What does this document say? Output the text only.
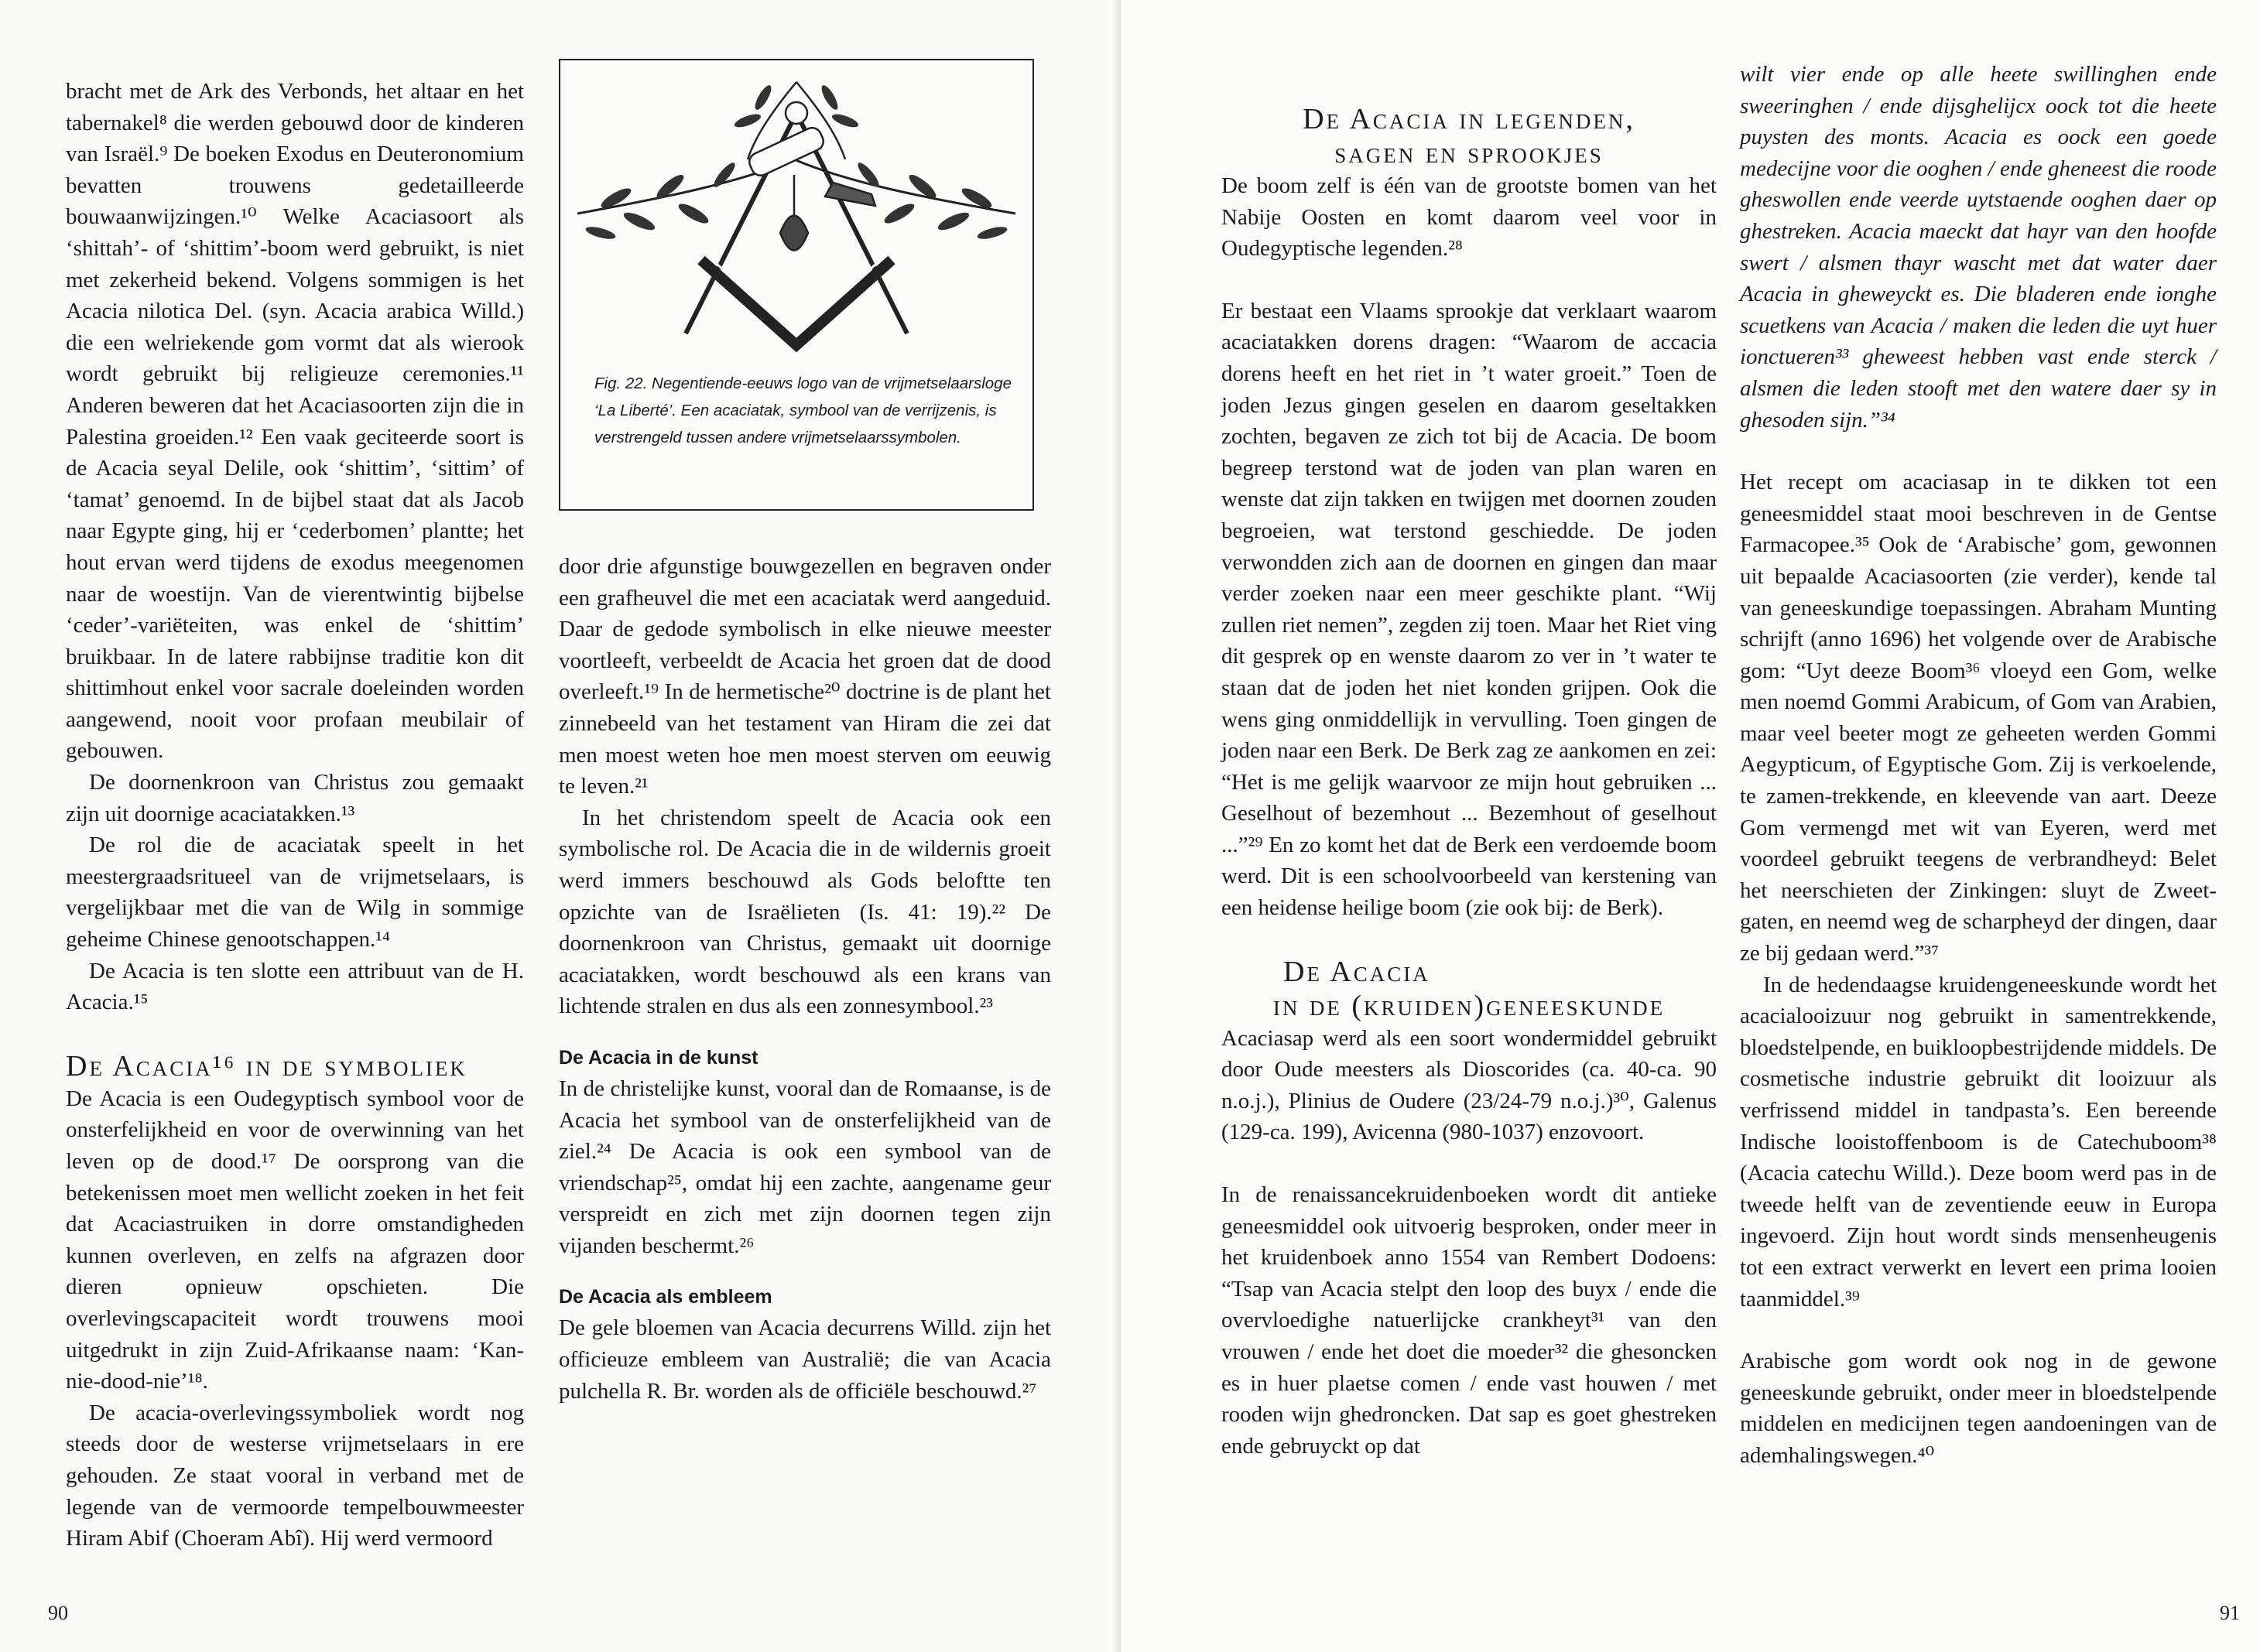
bracht met de Ark des Verbonds, het altaar en het tabernakel⁸ die werden gebouwd door de kinderen van Israël.⁹ De boeken Exodus en Deuteronomium bevatten trouwens gedetailleerde bouwaanwijzingen.¹⁰ Welke Acaciasoort als ‘shittah’- of ‘shittim’-boom werd gebruikt, is niet met zekerheid bekend. Volgens sommigen is het Acacia nilotica Del. (syn. Acacia arabica Willd.) die een welriekende gom vormt dat als wierook wordt gebruikt bij religieuze ceremonies.¹¹ Anderen beweren dat het Acaciasoorten zijn die in Palestina groeiden.¹² Een vaak geciteerde soort is de Acacia seyal Delile, ook ‘shittim’, ‘sittim’ of ‘tamat’ genoemd. In de bijbel staat dat als Jacob naar Egypte ging, hij er ‘cederbomen’ plantte; het hout ervan werd tijdens de exodus meegenomen naar de woestijn. Van de vierentwintig bijbelse ‘ceder’-variëteiten, was enkel de ‘shittim’ bruikbaar. In de latere rabbijnse traditie kon dit shittimhout enkel voor sacrale doeleinden worden aangewend, nooit voor profaan meubilair of gebouwen.

De doornenkroon van Christus zou gemaakt zijn uit doornige acaciatakken.¹³

De rol die de acaciatak speelt in het meestergraadsritueel van de vrijmetselaars, is vergelijkbaar met die van de Wilg in sommige geheime Chinese genootschappen.¹⁴

De Acacia is ten slotte een attribuut van de H. Acacia.¹⁵

De Acacia¹⁶ in de symboliek

De Acacia is een Oudegyptisch symbool voor de onsterfelijkheid en voor de overwinning van het leven op de dood.¹⁷ De oorsprong van die betekenissen moet men wellicht zoeken in het feit dat Acaciastruiken in dorre omstandigheden kunnen overleven, en zelfs na afgrazen door dieren opnieuw opschieten. Die overlevingscapaciteit wordt trouwens mooi uitgedrukt in zijn Zuid-Afrikaanse naam: ‘Kan-nie-dood-nie’¹⁸.

De acacia-overlevingssymboliek wordt nog steeds door de westerse vrijmetselaars in ere gehouden. Ze staat vooral in verband met de legende van de vermoorde tempelbouwmeester Hiram Abif (Choeram Abî). Hij werd vermoord

Fig. 22. Negentiende-eeuws logo van de vrijmetselaarsloge ‘La Liberté’. Een acaciatak, symbool van de verrijzenis, is verstrengeld tussen andere vrijmetselaarssymbolen.

door drie afgunstige bouwgezellen en begraven onder een grafheuvel die met een acaciatak werd aangeduid. Daar de gedode symbolisch in elke nieuwe meester voortleeft, verbeeldt de Acacia het groen dat de dood overleeft.¹⁹ In de hermetische²⁰ doctrine is de plant het zinnebeeld van het testament van Hiram die zei dat men moest weten hoe men moest sterven om eeuwig te leven.²¹

In het christendom speelt de Acacia ook een symbolische rol. De Acacia die in de wildernis groeit werd immers beschouwd als Gods beloftte ten opzichte van de Israëlieten (Is. 41: 19).²² De doornenkroon van Christus, gemaakt uit doornige acaciatakken, wordt beschouwd als een krans van lichtende stralen en dus als een zonnesymbool.²³

De Acacia in de kunst

In de christelijke kunst, vooral dan de Romaanse, is de Acacia het symbool van de onsterfelijkheid van de ziel.²⁴ De Acacia is ook een symbool van de vriendschap²⁵, omdat hij een zachte, aangename geur verspreidt en zich met zijn doornen tegen zijn vijanden beschermt.²⁶

De Acacia als embleem

De gele bloemen van Acacia decurrens Willd. zijn het officieuze embleem van Australië; die van Acacia pulchella R. Br. worden als de officiële beschouwd.²⁷

90
De Acacia in legenden,
sagen en sprookjes

De boom zelf is één van de grootste bomen van het Nabije Oosten en komt daarom veel voor in Oudegyptische legenden.²⁸

Er bestaat een Vlaams sprookje dat verklaart waarom acaciatakken dorens dragen: “Waarom de accacia dorens heeft en het riet in ’t water groeit.” Toen de joden Jezus gingen geselen en daarom geseltakken zochten, begaven ze zich tot bij de Acacia. De boom begreep terstond wat de joden van plan waren en wenste dat zijn takken en twijgen met doornen zouden begroeien, wat terstond geschiedde. De joden verwondden zich aan de doornen en gingen dan maar verder zoeken naar een meer geschikte plant. “Wij zullen riet nemen”, zegden zij toen. Maar het Riet ving dit gesprek op en wenste daarom zo ver in ’t water te staan dat de joden het niet konden grijpen. Ook die wens ging onmiddellijk in vervulling. Toen gingen de joden naar een Berk. De Berk zag ze aankomen en zei: “Het is me gelijk waarvoor ze mijn hout gebruiken ... Geselhout of bezemhout ... Bezemhout of geselhout ...”²⁹ En zo komt het dat de Berk een verdoemde boom werd. Dit is een schoolvoorbeeld van kerstening van een heidense heilige boom (zie ook bij: de Berk).

De Acacia
in de (kruiden)geneeskunde

Acaciasap werd als een soort wondermiddel gebruikt door Oude meesters als Dioscorides (ca. 40-ca. 90 n.o.j.), Plinius de Oudere (23/24-79 n.o.j.)³⁰, Galenus (129-ca. 199), Avicenna (980-1037) enzovoort.

In de renaissancekruidenboeken wordt dit antieke geneesmiddel ook uitvoerig besproken, onder meer in het kruidenboek anno 1554 van Rembert Dodoens: “Tsap van Acacia stelpt den loop des buyx / ende die overvloedighe natuerlijcke crankheyt³¹ van den vrouwen / ende het doet die moeder³² die ghesoncken es in huer plaetse comen / ende vast houwen / met rooden wijn ghedroncken. Dat sap es goet ghestreken ende gebruyckt op dat

wilt vier ende op alle heete swillinghen ende sweeringhen / ende dijsghelijcx oock tot die heete puysten des monts. Acacia es oock een goede medecijne voor die ooghen / ende gheneest die roode gheswollen ende veerde uytstaende ooghen daer op ghestreken. Acacia maeckt dat hayr van den hoofde swert / alsmen thayr wascht met dat water daer Acacia in gheweyckt es. Die bladeren ende ionghe scuetkens van Acacia / maken die leden die uyt huer ionctueren³³ gheweest hebben vast ende sterck / alsmen die leden stooft met den watere daer sy in ghesoden sijn.”³⁴

Het recept om acaciasap in te dikken tot een geneesmiddel staat mooi beschreven in de Gentse Farmacopee.³⁵ Ook de ‘Arabische’ gom, gewonnen uit bepaalde Acaciasoorten (zie verder), kende tal van geneeskundige toepassingen. Abraham Munting schrijft (anno 1696) het volgende over de Arabische gom: “Uyt deeze Boom³⁶ vloeyd een Gom, welke men noemd Gommi Arabicum, of Gom van Arabien, maar veel beeter mogt ze geheeten werden Gommi Aegypticum, of Egyptische Gom. Zij is verkoelende, te zamen-trekkende, en kleevende van aart. Deeze Gom vermengd met wit van Eyeren, werd met voordeel gebruikt teegens de verbrandheyd: Belet het neerschieten der Zinkingen: sluyt de Zweet-gaten, en neemd weg de scharpheyd der dingen, daar ze bij gedaan werd.”³⁷

In de hedendaagse kruidengeneeskunde wordt het acacialooizuur nog gebruikt in samentrekkende, bloedstelpende, en buikloopbestrijdende middels. De cosmetische industrie gebruikt dit looizuur als verfrissend middel in tandpasta’s. Een bereende Indische looistoffenboom is de Catechuboom³⁸ (Acacia catechu Willd.). Deze boom werd pas in de tweede helft van de zeventiende eeuw in Europa ingevoerd. Zijn hout wordt sinds mensenheugenis tot een extract verwerkt en levert een prima looien taanmiddel.³⁹

Arabische gom wordt ook nog in de gewone geneeskunde gebruikt, onder meer in bloedstelpende middelen en medicijnen tegen aandoeningen van de ademhalingswegen.⁴⁰

91
